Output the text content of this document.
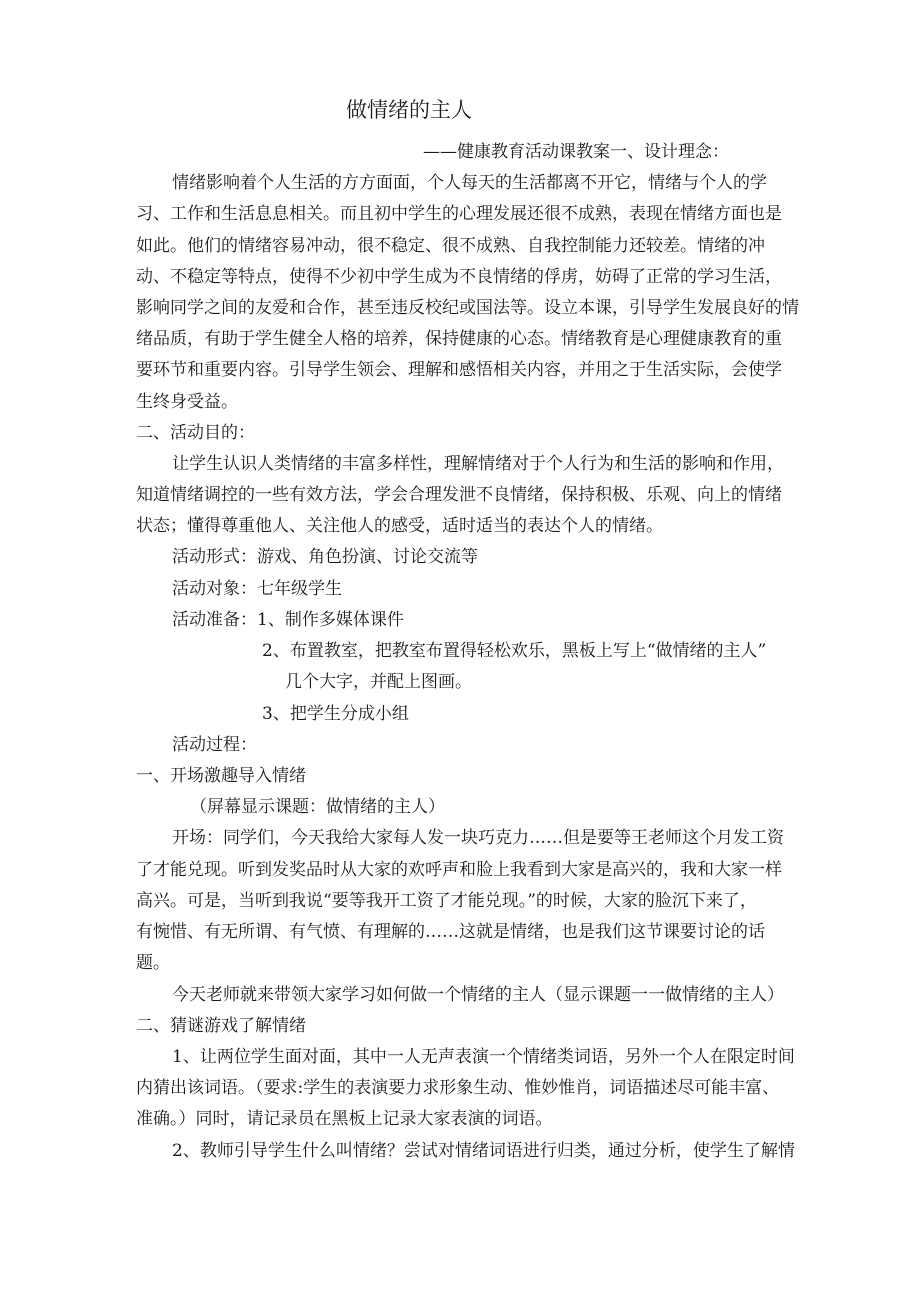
做情绪的主人
——健康教育活动课教案一、设计理念：
情绪影响着个人生活的方方面面，个人每天的生活都离不开它，情绪与个人的学
习、工作和生活息息相关。而且初中学生的心理发展还很不成熟，表现在情绪方面也是
如此。他们的情绪容易冲动，很不稳定、很不成熟、自我控制能力还较差。情绪的冲
动、不稳定等特点，使得不少初中学生成为不良情绪的俘虏，妨碍了正常的学习生活，
影响同学之间的友爱和合作，甚至违反校纪或国法等。设立本课，引导学生发展良好的情
绪品质，有助于学生健全人格的培养，保持健康的心态。情绪教育是心理健康教育的重
要环节和重要内容。引导学生领会、理解和感悟相关内容，并用之于生活实际，会使学
生终身受益。
二、活动目的：
让学生认识人类情绪的丰富多样性，理解情绪对于个人行为和生活的影响和作用，
知道情绪调控的一些有效方法，学会合理发泄不良情绪，保持积极、乐观、向上的情绪
状态；懂得尊重他人、关注他人的感受，适时适当的表达个人的情绪。
活动形式：游戏、角色扮演、讨论交流等
活动对象：七年级学生
活动准备：1、制作多媒体课件
2、布置教室，把教室布置得轻松欢乐，黑板上写上“做情绪的主人”
几个大字，并配上图画。
3、把学生分成小组
活动过程：
一、开场激趣导入情绪
（屏幕显示课题：做情绪的主人）
开场：同学们，今天我给大家每人发一块巧克力……但是要等王老师这个月发工资
了才能兑现。听到发奖品时从大家的欢呼声和脸上我看到大家是高兴的，我和大家一样
高兴。可是，当听到我说“要等我开工资了才能兑现。”的时候，大家的脸沉下来了，
有惋惜、有无所谓、有气愤、有理解的……这就是情绪，也是我们这节课要讨论的话
题。
今天老师就来带领大家学习如何做一个情绪的主人（显示课题一一做情绪的主人）
二、猜谜游戏了解情绪
1、让两位学生面对面，其中一人无声表演一个情绪类词语，另外一个人在限定时间
内猜出该词语。（要求:学生的表演要力求形象生动、惟妙惟肖，词语描述尽可能丰富、
准确。）同时，请记录员在黑板上记录大家表演的词语。
2、教师引导学生什么叫情绪？尝试对情绪词语进行归类，通过分析，使学生了解情
